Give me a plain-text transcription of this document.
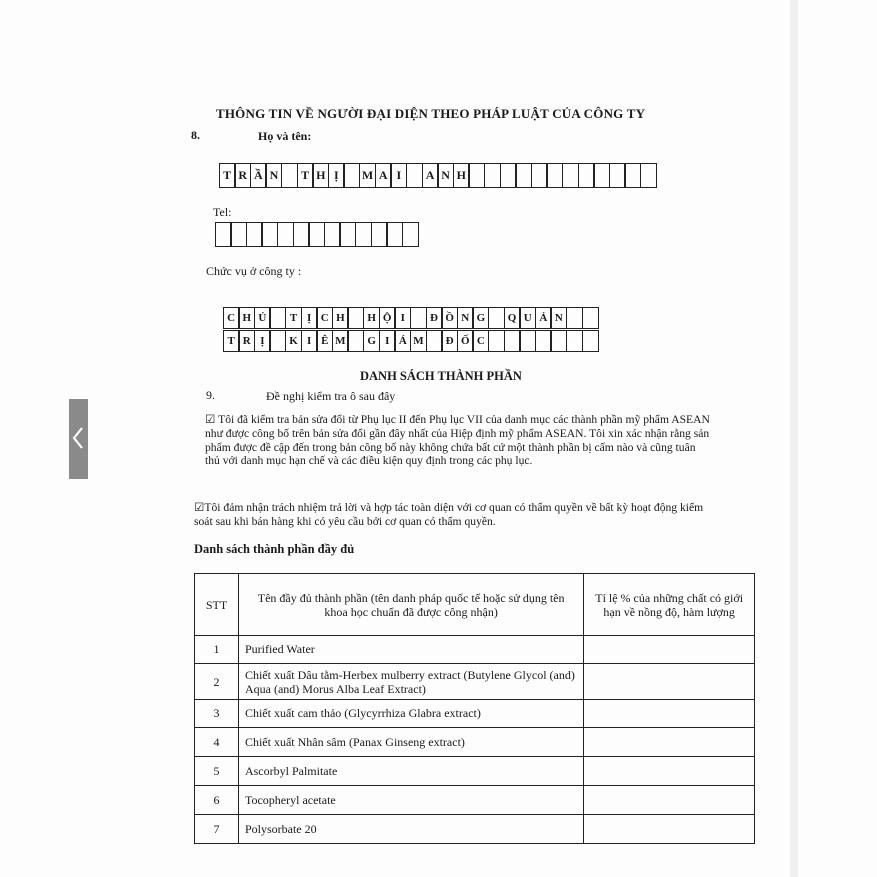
THÔNG TIN VỀ NGƯỜI ĐẠI DIỆN THEO PHÁP LUẬT CỦA CÔNG TY
8.	Họ và tên:
T R Ầ N	T H Ị	M A I	A N H
Tel:
Chức vụ ở công ty :
C H Ủ	T Ị C H	H Ộ I	Đ Ồ N G	Q U Ả N
T R Ị	K I Ê M	G I Á M	Đ Ố C
DANH SÁCH THÀNH PHẦN
9.	Đề nghị kiểm tra ô sau đây
☑ Tôi đã kiểm tra bản sửa đổi từ Phụ lục II đến Phụ lục VII của danh mục các thành phần mỹ phẩm ASEAN như được công bố trên bản sửa đổi gần đây nhất của Hiệp định mỹ phẩm ASEAN. Tôi xin xác nhận rằng sản phẩm được đề cập đến trong bản công bố này không chứa bất cứ một thành phần bị cấm nào và cũng tuân thủ với danh mục hạn chế và các điều kiện quy định trong các phụ lục.
☑Tôi đảm nhận trách nhiệm trả lời và hợp tác toàn diện với cơ quan có thẩm quyền về bất kỳ hoạt động kiểm soát sau khi bán hàng khi có yêu cầu bởi cơ quan có thẩm quyền.
Danh sách thành phần đầy đủ
STT	Tên đầy đủ thành phần (tên danh pháp quốc tế hoặc sử dụng tên khoa học chuẩn đã được công nhận)	Tỉ lệ % của những chất có giới hạn về nồng độ, hàm lượng
1	Purified Water	
2	Chiết xuất Dâu tằm-Herbex mulberry extract (Butylene Glycol (and) Aqua (and) Morus Alba Leaf Extract)	
3	Chiết xuất cam thảo (Glycyrrhiza Glabra extract)	
4	Chiết xuất Nhân sâm (Panax Ginseng extract)	
5	Ascorbyl Palmitate	
6	Tocopheryl acetate	
7	Polysorbate 20	
